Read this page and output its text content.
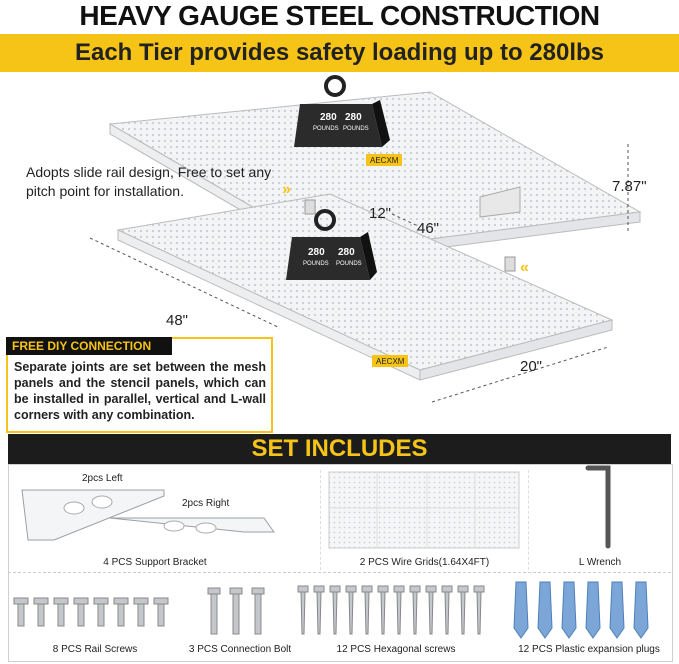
HEAVY GAUGE STEEL CONSTRUCTION
Each Tier provides safety loading up to 280lbs
280
POUNDS
280
POUNDS
AECXM
»
«
280
POUNDS
280
POUNDS
AECXM
Adopts slide rail design, Free to set any pitch point for installation.	7.87"
12"
46"
48"
20"
FREE DIY CONNECTION
Separate joints are set between the mesh panels and the stencil panels, which can be installed in parallel, vertical and L-wall corners with any combination.
SET INCLUDES
2pcs Left
2pcs Right
4 PCS Support Bracket	2 PCS Wire Grids(1.64X4FT)	L Wrench
8 PCS Rail Screws	3 PCS Connection Bolt	12 PCS Hexagonal screws	12 PCS Plastic expansion plugs
